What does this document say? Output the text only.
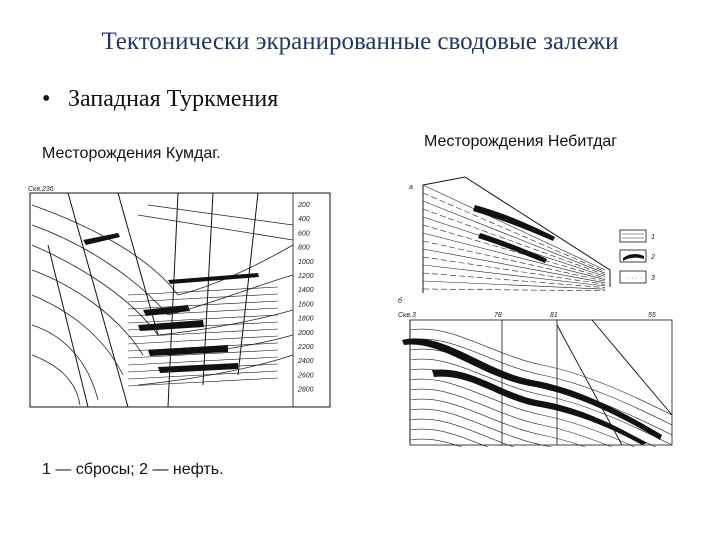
Тектонически экранированные сводовые залежи
• Западная Туркмения
Месторождения Кумдаг.
Месторождения Небитдаг
Скв.236
200
400
600
800
1000
1200
1400
1600
1800
2000
2200
2400
2600
2800
1 — сбросы; 2 — нефть.
а
· · · ·
1
2
3
б
Скв.3	78	81	55
